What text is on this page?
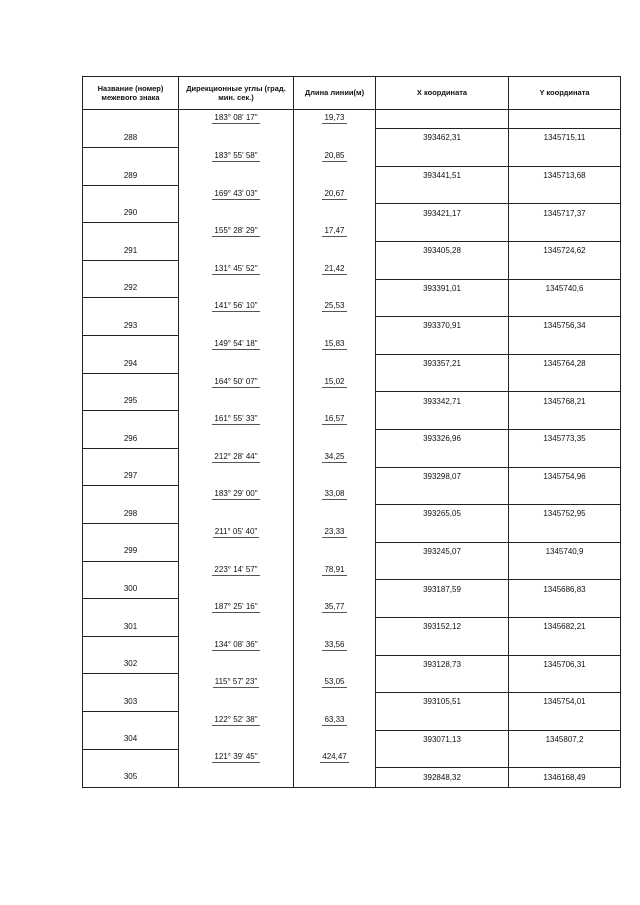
Название (номер) межевого знака	Дирекционные углы (град. мин. сек.)	Длина линии(м)	X координата	Y координата
	183° 08' 17"	19,73		
288			393462,31	1345715,11
	183° 55' 58"	20,85		
289			393441,51	1345713,68
	169° 43' 03"	20,67		
290			393421,17	1345717,37
	155° 28' 29"	17,47		
291			393405,28	1345724,62
	131° 45' 52"	21,42		
292			393391,01	1345740,6
	141° 56' 10"	25,53		
293			393370,91	1345756,34
	149° 54' 18"	15,83		
294			393357,21	1345764,28
	164° 50' 07"	15,02		
295			393342,71	1345768,21
	161° 55' 33"	16,57		
296			393326,96	1345773,35
	212° 28' 44"	34,25		
297			393298,07	1345754,96
	183° 29' 00"	33,08		
298			393265,05	1345752,95
	211° 05' 40"	23,33		
299			393245,07	1345740,9
	223° 14' 57"	78,91		
300			393187,59	1345686,83
	187° 25' 16"	35,77		
301			393152,12	1345682,21
	134° 08' 36"	33,56		
302			393128,73	1345706,31
	115° 57' 23"	53,05		
303			393105,51	1345754,01
	122° 52' 38"	63,33		
304			393071,13	1345807,2
	121° 39' 45"	424,47		
305			392848,32	1346168,49
